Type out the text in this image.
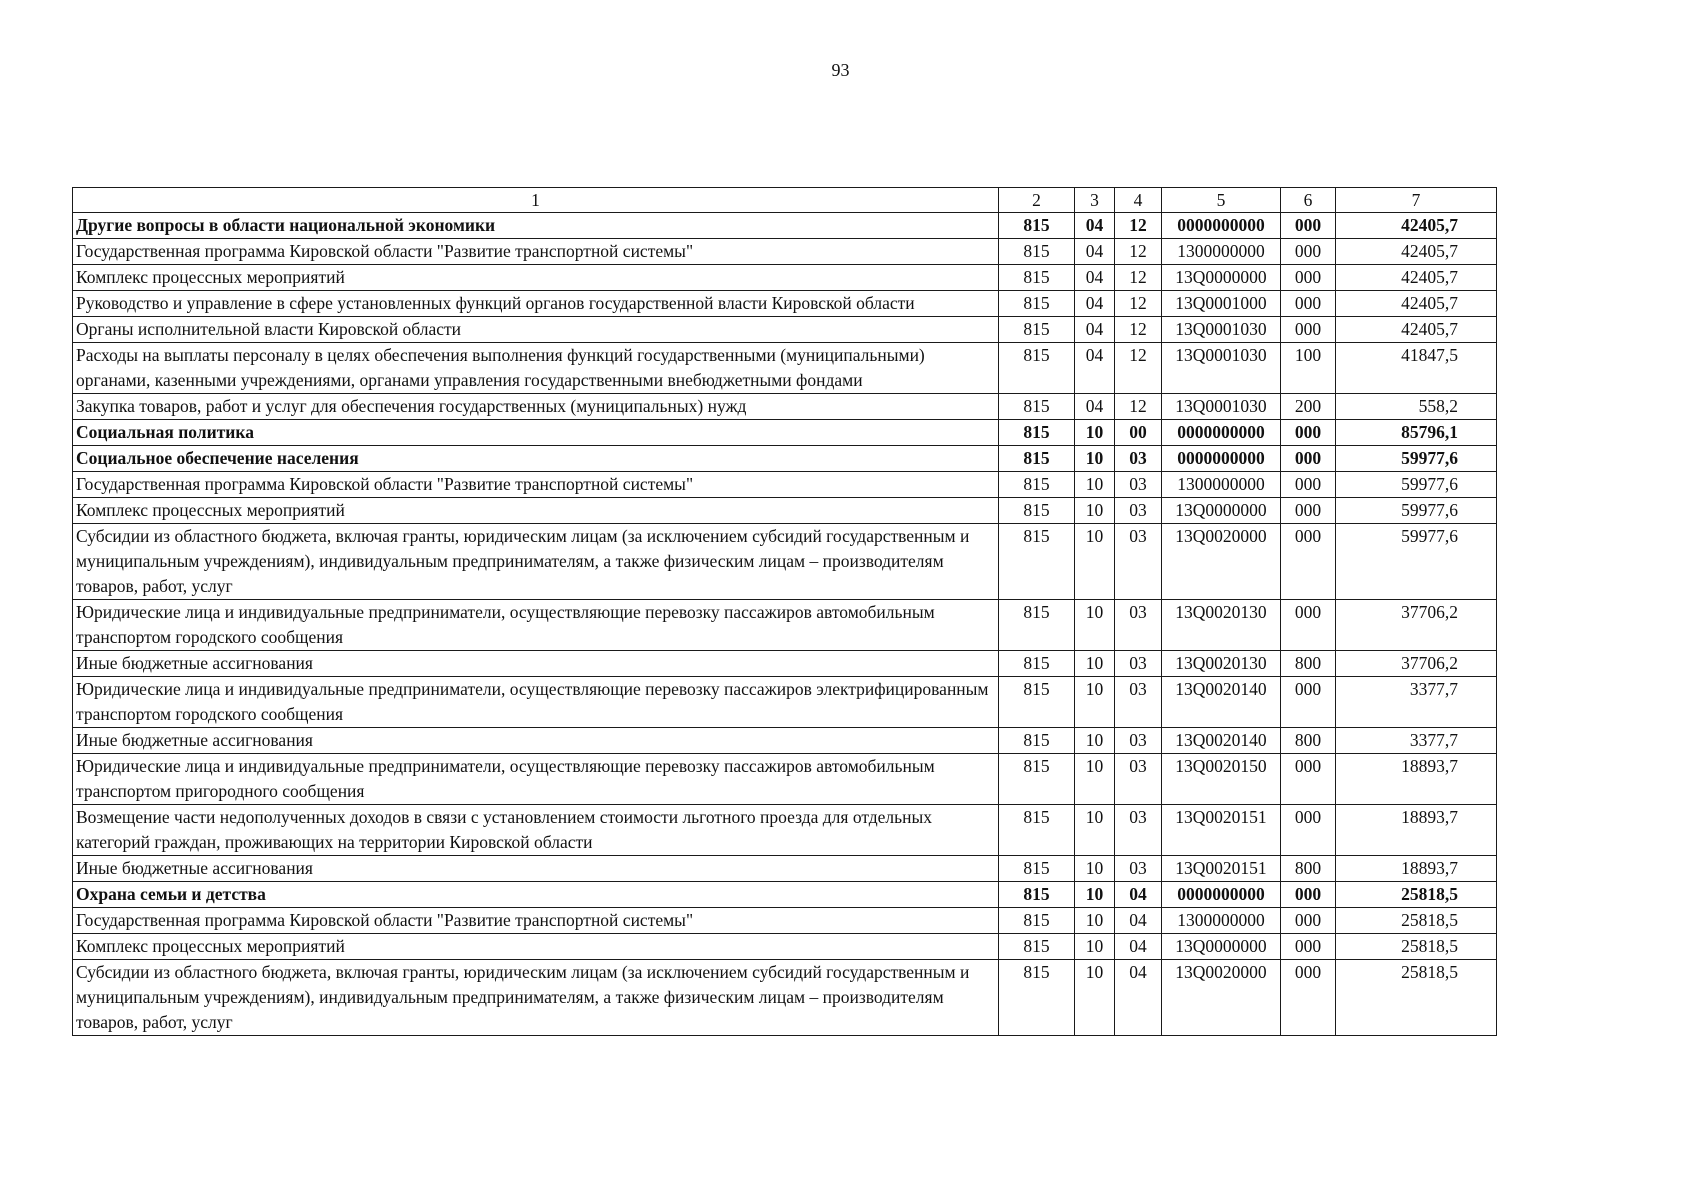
93
1	2	3	4	5	6	7
Другие вопросы в области национальной экономики	815	04	12	0000000000	000	42405,7
Государственная программа Кировской области "Развитие транспортной системы"	815	04	12	1300000000	000	42405,7
Комплекс процессных мероприятий	815	04	12	13Q0000000	000	42405,7
Руководство и управление в сфере установленных функций органов государственной власти Кировской области	815	04	12	13Q0001000	000	42405,7
Органы исполнительной власти Кировской области	815	04	12	13Q0001030	000	42405,7
Расходы на выплаты персоналу в целях обеспечения выполнения функций государственными (муниципальными) органами, казенными учреждениями, органами управления государственными внебюджетными фондами	815	04	12	13Q0001030	100	41847,5
Закупка товаров, работ и услуг для обеспечения государственных (муниципальных) нужд	815	04	12	13Q0001030	200	558,2
Социальная политика	815	10	00	0000000000	000	85796,1
Социальное обеспечение населения	815	10	03	0000000000	000	59977,6
Государственная программа Кировской области "Развитие транспортной системы"	815	10	03	1300000000	000	59977,6
Комплекс процессных мероприятий	815	10	03	13Q0000000	000	59977,6
Субсидии из областного бюджета, включая гранты, юридическим лицам (за исключением субсидий государственным и муниципальным учреждениям), индивидуальным предпринимателям, а также физическим лицам – производителям товаров, работ, услуг	815	10	03	13Q0020000	000	59977,6
Юридические лица и индивидуальные предприниматели, осуществляющие перевозку пассажиров автомобильным транспортом городского сообщения	815	10	03	13Q0020130	000	37706,2
Иные бюджетные ассигнования	815	10	03	13Q0020130	800	37706,2
Юридические лица и индивидуальные предприниматели, осуществляющие перевозку пассажиров электрифицированным транспортом городского сообщения	815	10	03	13Q0020140	000	3377,7
Иные бюджетные ассигнования	815	10	03	13Q0020140	800	3377,7
Юридические лица и индивидуальные предприниматели, осуществляющие перевозку пассажиров автомобильным транспортом пригородного сообщения	815	10	03	13Q0020150	000	18893,7
Возмещение части недополученных доходов в связи с установлением стоимости льготного проезда для отдельных категорий граждан, проживающих на территории Кировской области	815	10	03	13Q0020151	000	18893,7
Иные бюджетные ассигнования	815	10	03	13Q0020151	800	18893,7
Охрана семьи и детства	815	10	04	0000000000	000	25818,5
Государственная программа Кировской области "Развитие транспортной системы"	815	10	04	1300000000	000	25818,5
Комплекс процессных мероприятий	815	10	04	13Q0000000	000	25818,5
Субсидии из областного бюджета, включая гранты, юридическим лицам (за исключением субсидий государственным и муниципальным учреждениям), индивидуальным предпринимателям, а также физическим лицам – производителям товаров, работ, услуг	815	10	04	13Q0020000	000	25818,5
